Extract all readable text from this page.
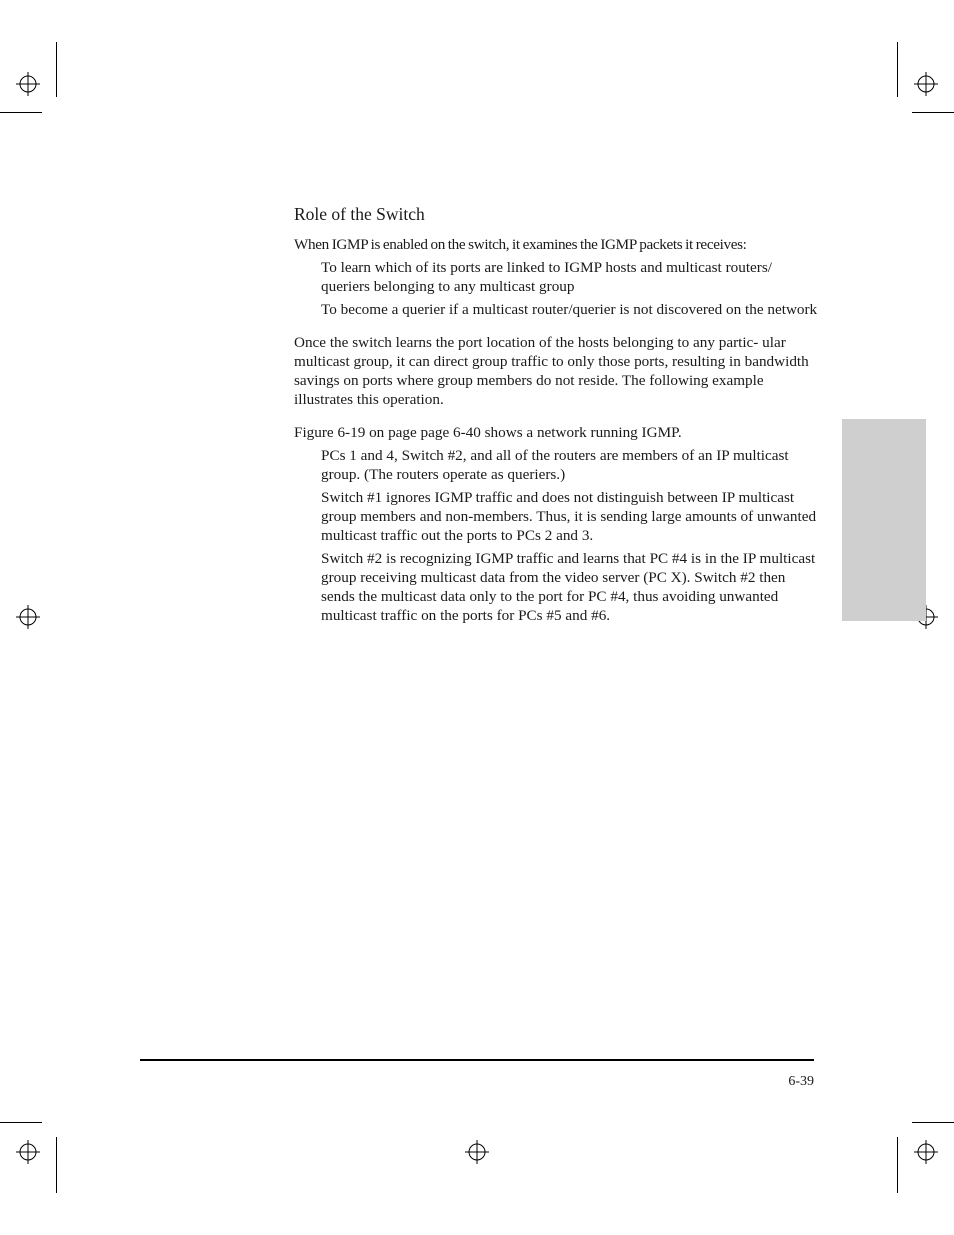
Role of the Switch

When IGMP is enabled on the switch, it examines the IGMP packets it receives:

To learn which of its ports are linked to IGMP hosts and multicast routers/ queriers belonging to any multicast group
To become a querier if a multicast router/querier is not discovered on the network

Once the switch learns the port location of the hosts belonging to any partic- ular multicast group, it can direct group traffic to only those ports, resulting in bandwidth savings on ports where group members do not reside. The following example illustrates this operation.

Figure 6-19 on page page 6-40 shows a network running IGMP.

PCs 1 and 4, Switch #2, and all of the routers are members of an IP multicast group. (The routers operate as queriers.)
Switch #1 ignores IGMP traffic and does not distinguish between IP multicast group members and non-members. Thus, it is sending large amounts of unwanted multicast traffic out the ports to PCs 2 and 3.
Switch #2 is recognizing IGMP traffic and learns that PC #4 is in the IP multicast group receiving multicast data from the video server (PC X). Switch #2 then sends the multicast data only to the port for PC #4, thus avoiding unwanted multicast traffic on the ports for PCs #5 and #6.
6-39
